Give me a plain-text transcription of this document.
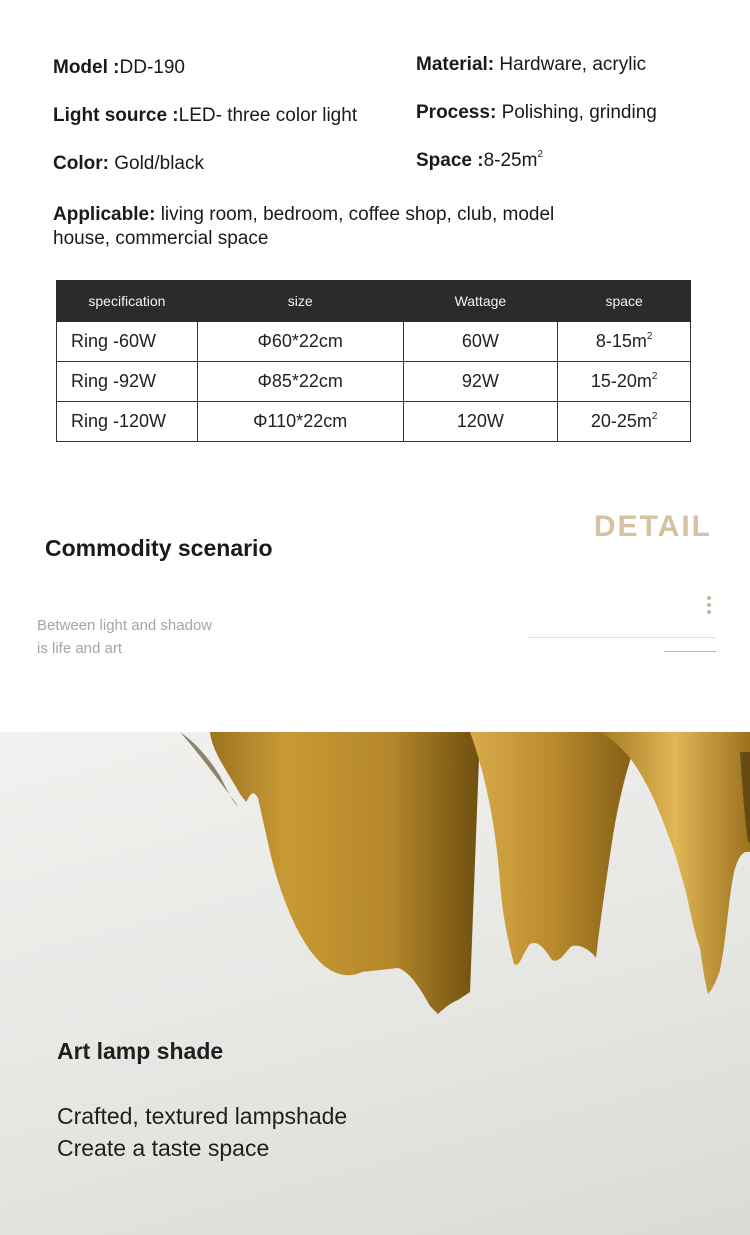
Model :DD-190
Light source :LED- three color light
Color: Gold/black
Material: Hardware, acrylic
Process: Polishing, grinding
Space $:8-25m^2$
Applicable: living room, bedroom, coffee shop, club, model house, commercial space
specification	size	Wattage	space
Ring -60W	Φ60*22cm	60W	$8-15m^2$
Ring -92W	Φ85*22cm	92W	$15-20m^2$
Ring -120W	Φ110*22cm	120W	$20-25m^2$
Commodity scenario
DETAIL
Between light and shadow
is life and art
Art lamp shade
Crafted, textured lampshade
Create a taste space
